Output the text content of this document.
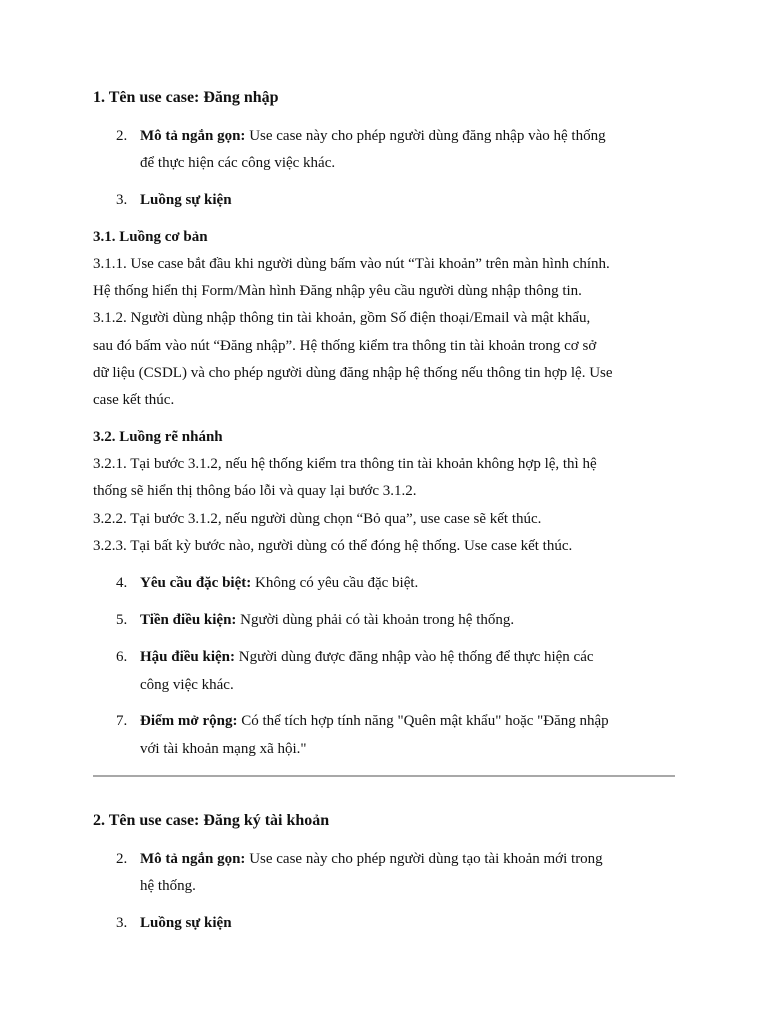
1. Tên use case: Đăng nhập
2. Mô tả ngắn gọn: Use case này cho phép người dùng đăng nhập vào hệ thống
để thực hiện các công việc khác.
3. Luồng sự kiện
3.1. Luồng cơ bản
3.1.1. Use case bắt đầu khi người dùng bấm vào nút “Tài khoản” trên màn hình chính.
Hệ thống hiển thị Form/Màn hình Đăng nhập yêu cầu người dùng nhập thông tin.
3.1.2. Người dùng nhập thông tin tài khoản, gồm Số điện thoại/Email và mật khẩu,
sau đó bấm vào nút “Đăng nhập”. Hệ thống kiểm tra thông tin tài khoản trong cơ sở
dữ liệu (CSDL) và cho phép người dùng đăng nhập hệ thống nếu thông tin hợp lệ. Use
case kết thúc.
3.2. Luồng rẽ nhánh
3.2.1. Tại bước 3.1.2, nếu hệ thống kiểm tra thông tin tài khoản không hợp lệ, thì hệ
thống sẽ hiển thị thông báo lỗi và quay lại bước 3.1.2.
3.2.2. Tại bước 3.1.2, nếu người dùng chọn “Bỏ qua”, use case sẽ kết thúc.
3.2.3. Tại bất kỳ bước nào, người dùng có thể đóng hệ thống. Use case kết thúc.
4. Yêu cầu đặc biệt: Không có yêu cầu đặc biệt.
5. Tiền điều kiện: Người dùng phải có tài khoản trong hệ thống.
6. Hậu điều kiện: Người dùng được đăng nhập vào hệ thống để thực hiện các
công việc khác.
7. Điểm mở rộng: Có thể tích hợp tính năng "Quên mật khẩu" hoặc "Đăng nhập
với tài khoản mạng xã hội."
2. Tên use case: Đăng ký tài khoản
2. Mô tả ngắn gọn: Use case này cho phép người dùng tạo tài khoản mới trong
hệ thống.
3. Luồng sự kiện
